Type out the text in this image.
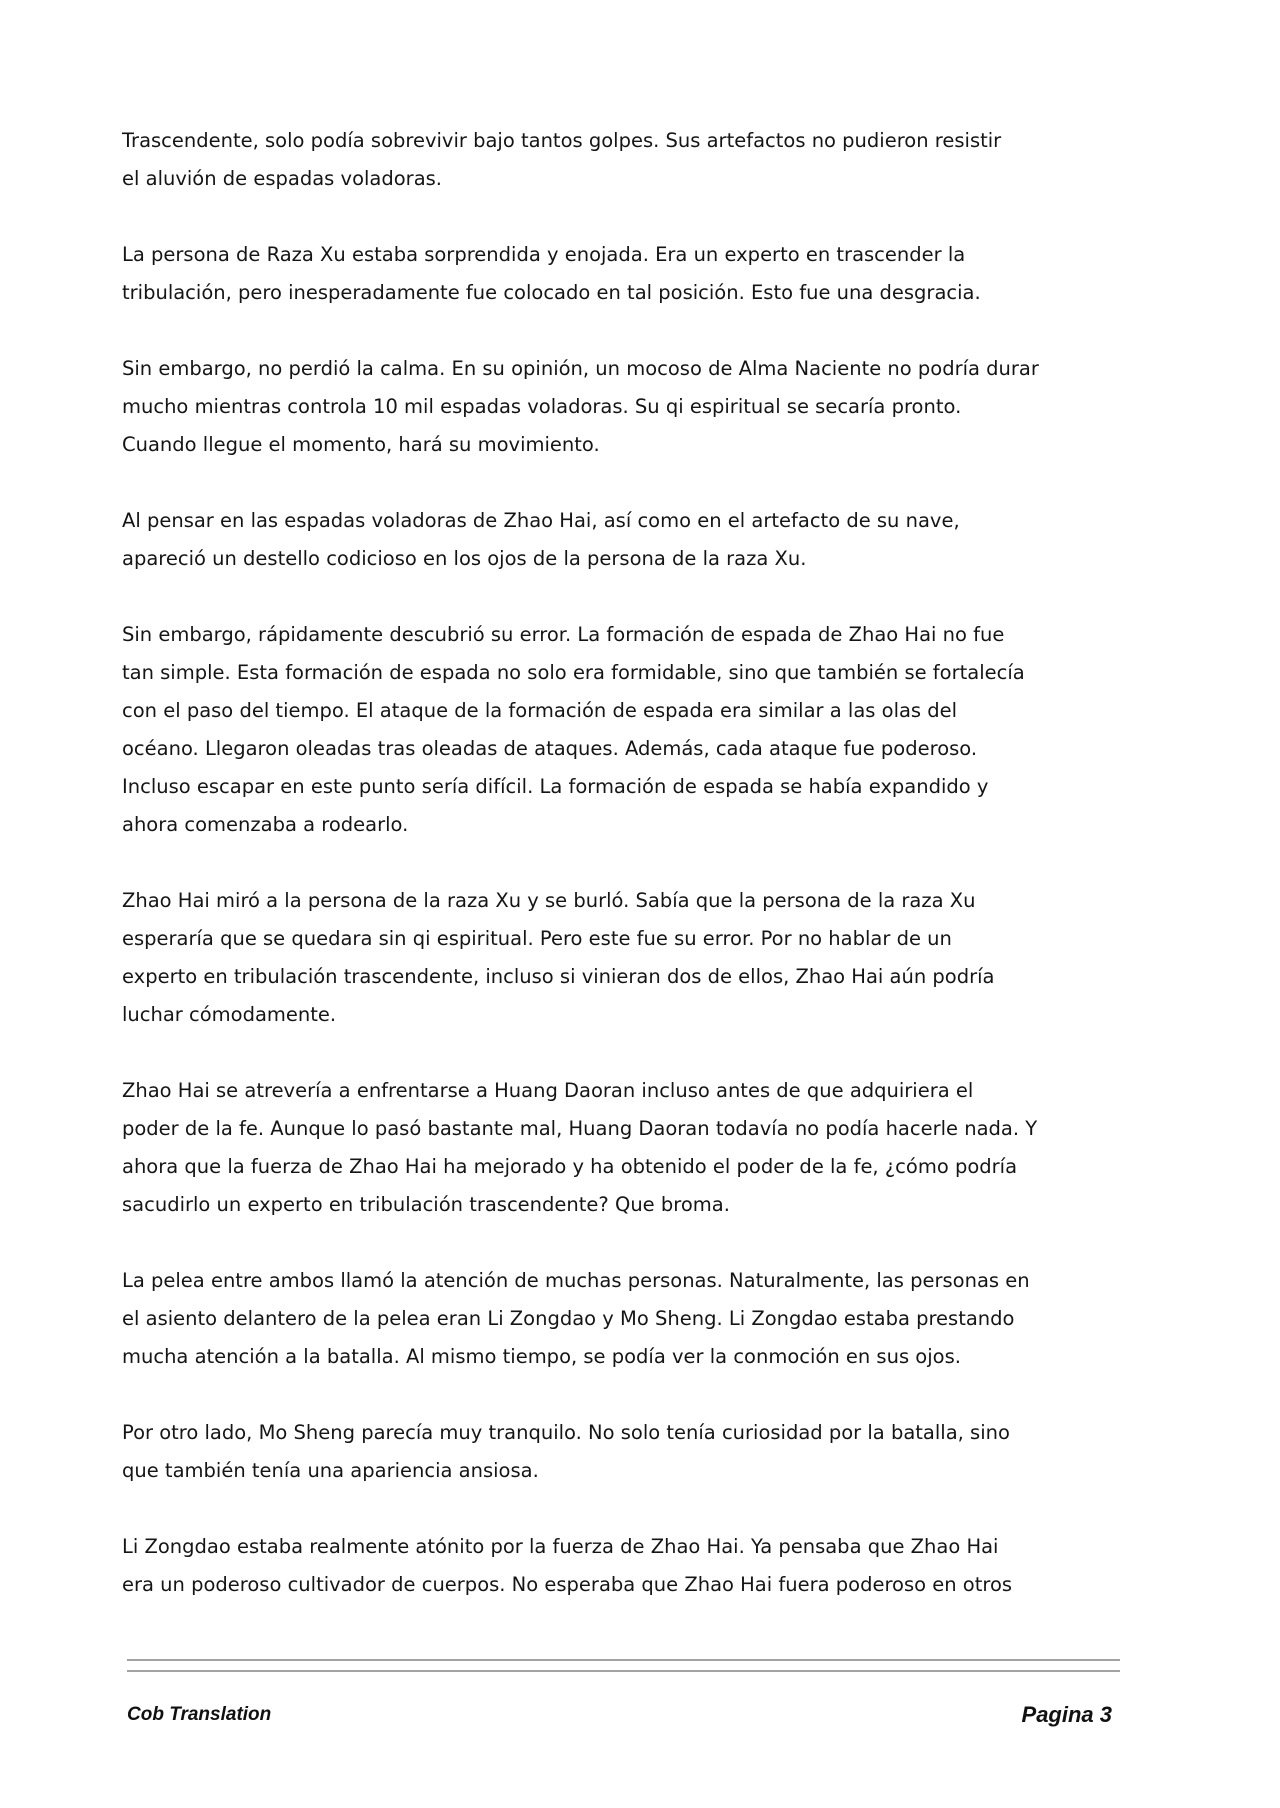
Trascendente, solo podía sobrevivir bajo tantos golpes. Sus artefactos no pudieron resistir
el aluvión de espadas voladoras.
La persona de Raza Xu estaba sorprendida y enojada. Era un experto en trascender la
tribulación, pero inesperadamente fue colocado en tal posición. Esto fue una desgracia.
Sin embargo, no perdió la calma. En su opinión, un mocoso de Alma Naciente no podría durar
mucho mientras controla 10 mil espadas voladoras. Su qi espiritual se secaría pronto.
Cuando llegue el momento, hará su movimiento.
Al pensar en las espadas voladoras de Zhao Hai, así como en el artefacto de su nave,
apareció un destello codicioso en los ojos de la persona de la raza Xu.
Sin embargo, rápidamente descubrió su error. La formación de espada de Zhao Hai no fue
tan simple. Esta formación de espada no solo era formidable, sino que también se fortalecía
con el paso del tiempo. El ataque de la formación de espada era similar a las olas del
océano. Llegaron oleadas tras oleadas de ataques. Además, cada ataque fue poderoso.
Incluso escapar en este punto sería difícil. La formación de espada se había expandido y
ahora comenzaba a rodearlo.
Zhao Hai miró a la persona de la raza Xu y se burló. Sabía que la persona de la raza Xu
esperaría que se quedara sin qi espiritual. Pero este fue su error. Por no hablar de un
experto en tribulación trascendente, incluso si vinieran dos de ellos, Zhao Hai aún podría
luchar cómodamente.
Zhao Hai se atrevería a enfrentarse a Huang Daoran incluso antes de que adquiriera el
poder de la fe. Aunque lo pasó bastante mal, Huang Daoran todavía no podía hacerle nada. Y
ahora que la fuerza de Zhao Hai ha mejorado y ha obtenido el poder de la fe, ¿cómo podría
sacudirlo un experto en tribulación trascendente? Que broma.
La pelea entre ambos llamó la atención de muchas personas. Naturalmente, las personas en
el asiento delantero de la pelea eran Li Zongdao y Mo Sheng. Li Zongdao estaba prestando
mucha atención a la batalla. Al mismo tiempo, se podía ver la conmoción en sus ojos.
Por otro lado, Mo Sheng parecía muy tranquilo. No solo tenía curiosidad por la batalla, sino
que también tenía una apariencia ansiosa.
Li Zongdao estaba realmente atónito por la fuerza de Zhao Hai. Ya pensaba que Zhao Hai
era un poderoso cultivador de cuerpos. No esperaba que Zhao Hai fuera poderoso en otros
Cob Translation	Pagina 3
